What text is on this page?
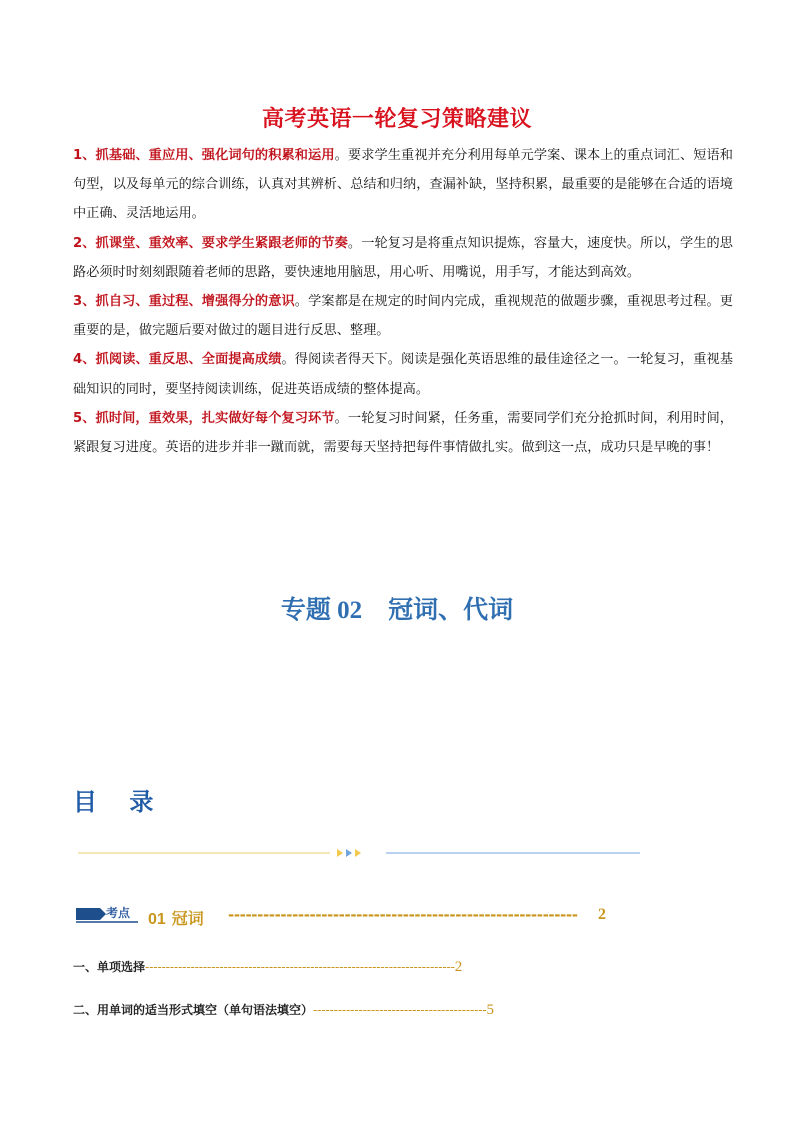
高考英语一轮复习策略建议

1、抓基础、重应用、强化词句的积累和运用。要求学生重视并充分利用每单元学案、课本上的重点词汇、短语和句型，以及每单元的综合训练，认真对其辨析、总结和归纳，查漏补缺，坚持积累，最重要的是能够在合适的语境中正确、灵活地运用。

2、抓课堂、重效率、要求学生紧跟老师的节奏。一轮复习是将重点知识提炼，容量大，速度快。所以，学生的思路必须时时刻刻跟随着老师的思路，要快速地用脑思，用心听、用嘴说，用手写，才能达到高效。

3、抓自习、重过程、增强得分的意识。学案都是在规定的时间内完成，重视规范的做题步骤，重视思考过程。更重要的是，做完题后要对做过的题目进行反思、整理。

4、抓阅读、重反思、全面提高成绩。得阅读者得天下。阅读是强化英语思维的最佳途径之一。一轮复习，重视基础知识的同时，要坚持阅读训练，促进英语成绩的整体提高。

5、抓时间，重效果，扎实做好每个复习环节。一轮复习时间紧，任务重，需要同学们充分抢抓时间，利用时间，紧跟复习进度。英语的进步并非一蹴而就，需要每天坚持把每件事情做扎实。做到这一点，成功只是早晚的事！

专题 02 冠词、代词
目 录
考点 01 冠词 ------------------------------------------------------------	2
一、单项选择---------------------------------------------------------------------------2
二、用单词的适当形式填空（单句语法填空）------------------------------------------5
